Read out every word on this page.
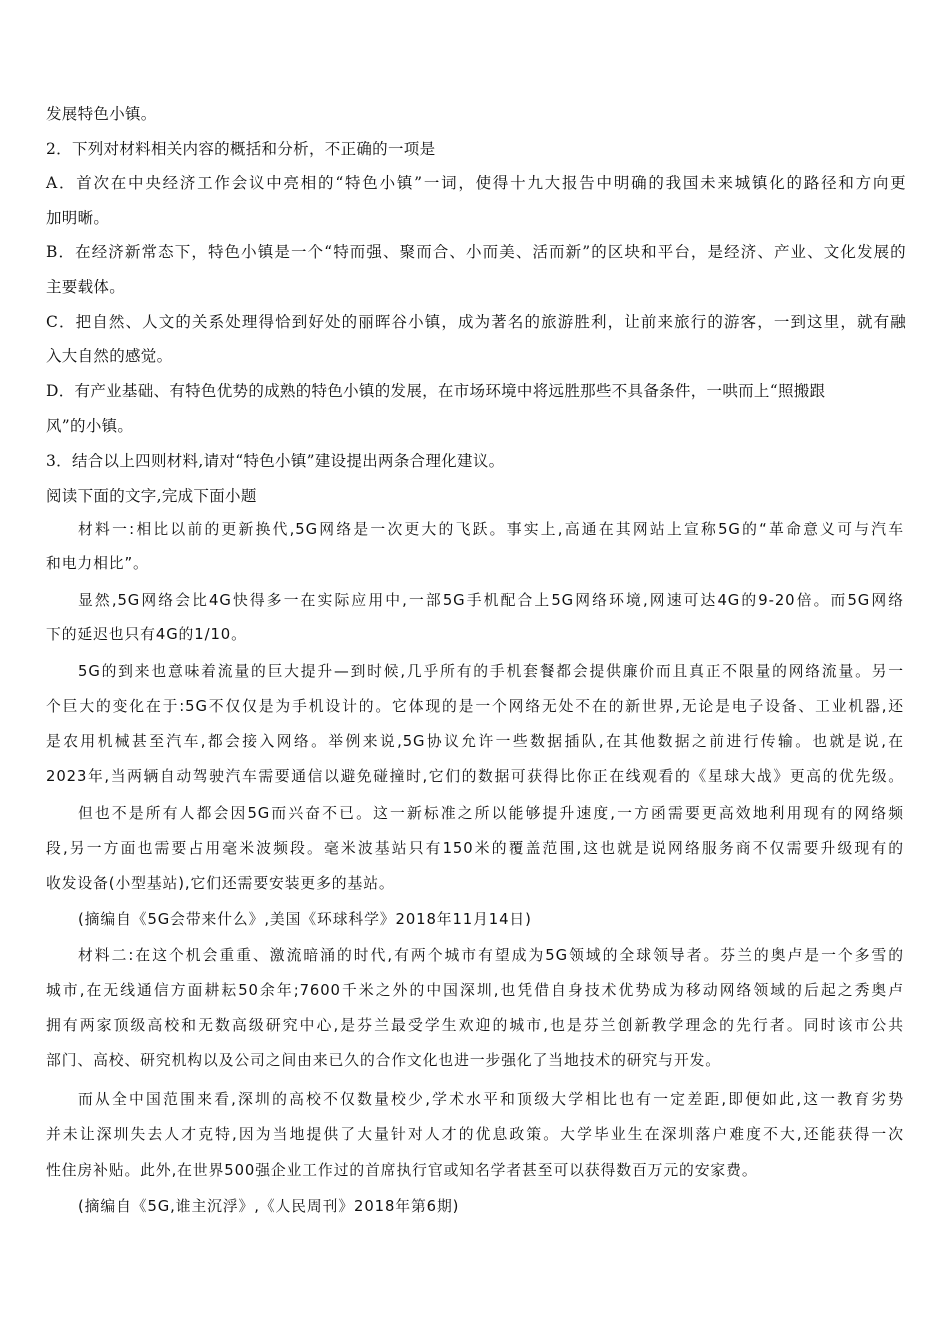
发展特色小镇。
2．下列对材料相关内容的概括和分析，不正确的一项是
A．首次在中央经济工作会议中亮相的“特色小镇”一词，使得十九大报告中明确的我国未来城镇化的路径和方向更
加明晰。
B．在经济新常态下，特色小镇是一个“特而强、聚而合、小而美、活而新”的区块和平台，是经济、产业、文化发展的
主要载体。
C．把自然、人文的关系处理得恰到好处的丽晖谷小镇，成为著名的旅游胜利，让前来旅行的游客，一到这里，就有融
入大自然的感觉。
D．有产业基础、有特色优势的成熟的特色小镇的发展，在市场环境中将远胜那些不具备条件，一哄而上“照搬跟
风”的小镇。
3．结合以上四则材料,请对“特色小镇”建设提出两条合理化建议。
阅读下面的文字,完成下面小题
材料一:相比以前的更新换代,5G网络是一次更大的飞跃。事实上,高通在其网站上宣称5G的“革命意义可与汽车
和电力相比”。
显然,5G网络会比4G快得多一在实际应用中,一部5G手机配合上5G网络环境,网速可达4G的9-20倍。而5G网络
下的延迟也只有4G的1/10。
5G的到来也意味着流量的巨大提升—到时候,几乎所有的手机套餐都会提供廉价而且真正不限量的网络流量。另一
个巨大的变化在于:5G不仅仅是为手机设计的。它体现的是一个网络无处不在的新世界,无论是电子设备、工业机器,还
是农用机械甚至汽车,都会接入网络。举例来说,5G协议允许一些数据插队,在其他数据之前进行传输。也就是说,在
2023年,当两辆自动驾驶汽车需要通信以避免碰撞时,它们的数据可获得比你正在线观看的《星球大战》更高的优先级。
但也不是所有人都会因5G而兴奋不已。这一新标准之所以能够提升速度,一方函需要更高效地利用现有的网络频
段,另一方面也需要占用毫米波频段。毫米波基站只有150米的覆盖范围,这也就是说网络服务商不仅需要升级现有的
收发设备(小型基站),它们还需要安装更多的基站。
(摘编自《5G会带来什么》,美国《环球科学》2018年11月14日)
材料二:在这个机会重重、激流暗涌的时代,有两个城市有望成为5G领域的全球领导者。芬兰的奥卢是一个多雪的
城市,在无线通信方面耕耘50余年;7600千米之外的中国深圳,也凭借自身技术优势成为移动网络领域的后起之秀奥卢
拥有两家顶级高校和无数高级研究中心,是芬兰最受学生欢迎的城市,也是芬兰创新教学理念的先行者。同时该市公共
部门、高校、研究机构以及公司之间由来已久的合作文化也进一步强化了当地技术的研究与开发。
而从全中国范围来看,深圳的高校不仅数量校少,学术水平和顶级大学相比也有一定差距,即便如此,这一教育劣势
并未让深圳失去人才克特,因为当地提供了大量针对人才的优息政策。大学毕业生在深圳落户难度不大,还能获得一次
性住房补贴。此外,在世界500强企业工作过的首席执行官或知名学者甚至可以获得数百万元的安家费。
(摘编自《5G,谁主沉浮》,《人民周刊》2018年第6期)
